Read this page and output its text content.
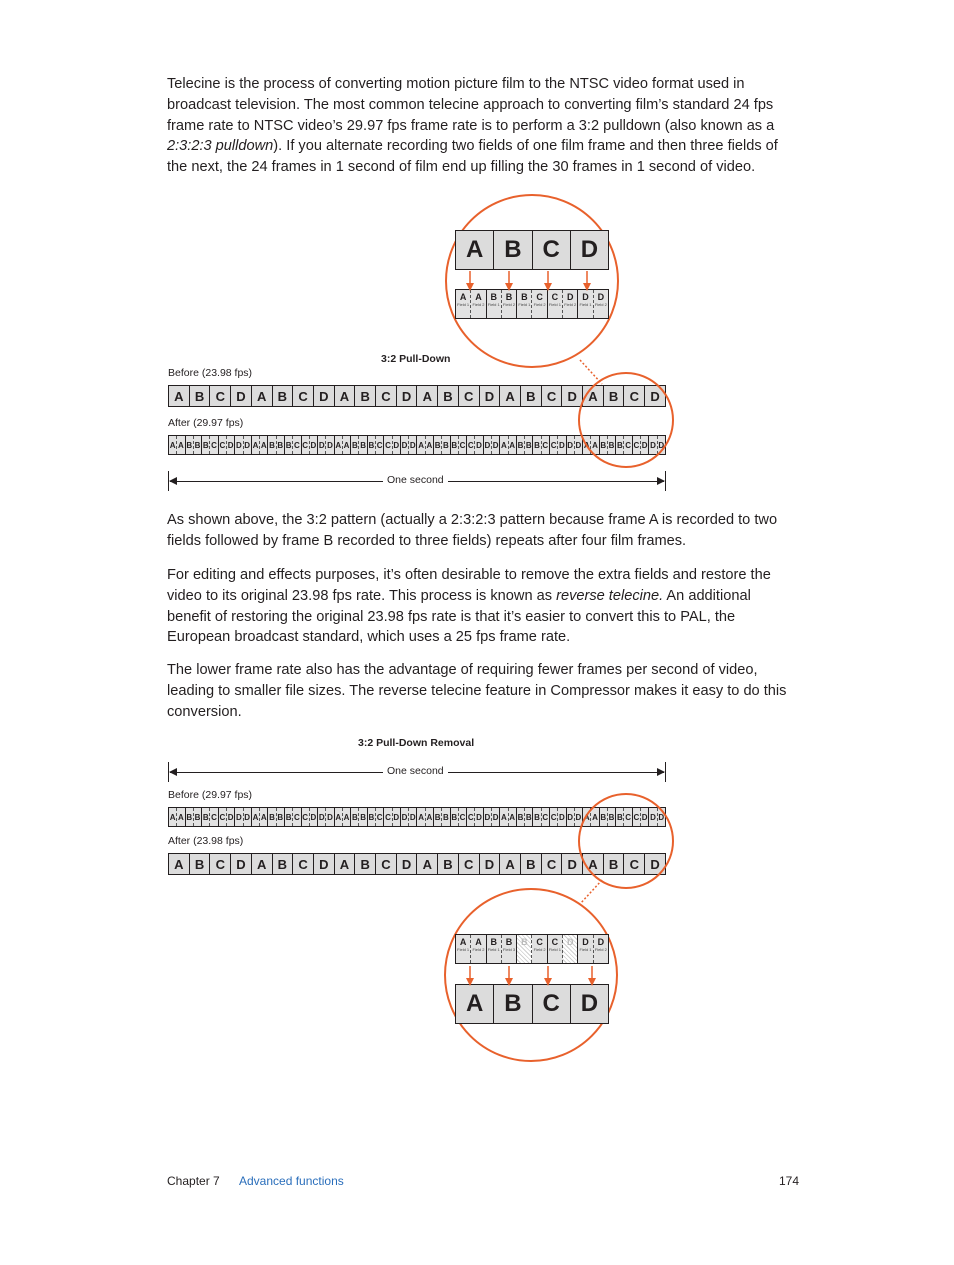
Telecine is the process of converting motion picture film to the NTSC video format used in broadcast television. The most common telecine approach to converting film’s standard 24 fps frame rate to NTSC video’s 29.97 fps frame rate is to perform a 3:2 pulldown (also known as a 2:3:2:3 pulldown). If you alternate recording two fields of one film frame and then three fields of the next, the 24 frames in 1 second of film end up filling the 30 frames in 1 second of video.

A B C D
A
Field 1
A
Field 2
B
Field 1
B
Field 2
B
Field 1
C
Field 2
C
Field 1
D
Field 2
D
Field 1
D
Field 2
3:2 Pull-Down
Before (23.98 fps)
A B C D A B C D A B C D A B C D A B C D A B C D
After (29.97 fps)
A A B B B C C D D D A A B B B C C D D D A A B B B C C D D D A A B B B C C D D D A A B B B C C D D D A A B B B C C D D D
One second

As shown above, the 3:2 pattern (actually a 2:3:2:3 pattern because frame A is recorded to two fields followed by frame B recorded to three fields) repeats after four film frames.

For editing and effects purposes, it’s often desirable to remove the extra fields and restore the video to its original 23.98 fps rate. This process is known as reverse telecine. An additional benefit of restoring the original 23.98 fps rate is that it’s easier to convert this to PAL, the European broadcast standard, which uses a 25 fps frame rate.

The lower frame rate also has the advantage of requiring fewer frames per second of video, leading to smaller file sizes. The reverse telecine feature in Compressor makes it easy to do this conversion.

3:2 Pull-Down Removal
One second
Before (29.97 fps)
A A B B B C C D D D A A B B B C C D D D A A B B B C C D D D A A B B B C C D D D A A B B B C C D D D A A B B B C C D D D
After (23.98 fps)
A B C D A B C D A B C D A B C D A B C D A B C D
A
Field 1
A
Field 2
B
Field 1
B
Field 3
B C
Field 2
C
Field 1
D D
Field 1
D
Field 2
A B C D
Chapter 7 Advanced functions	174
